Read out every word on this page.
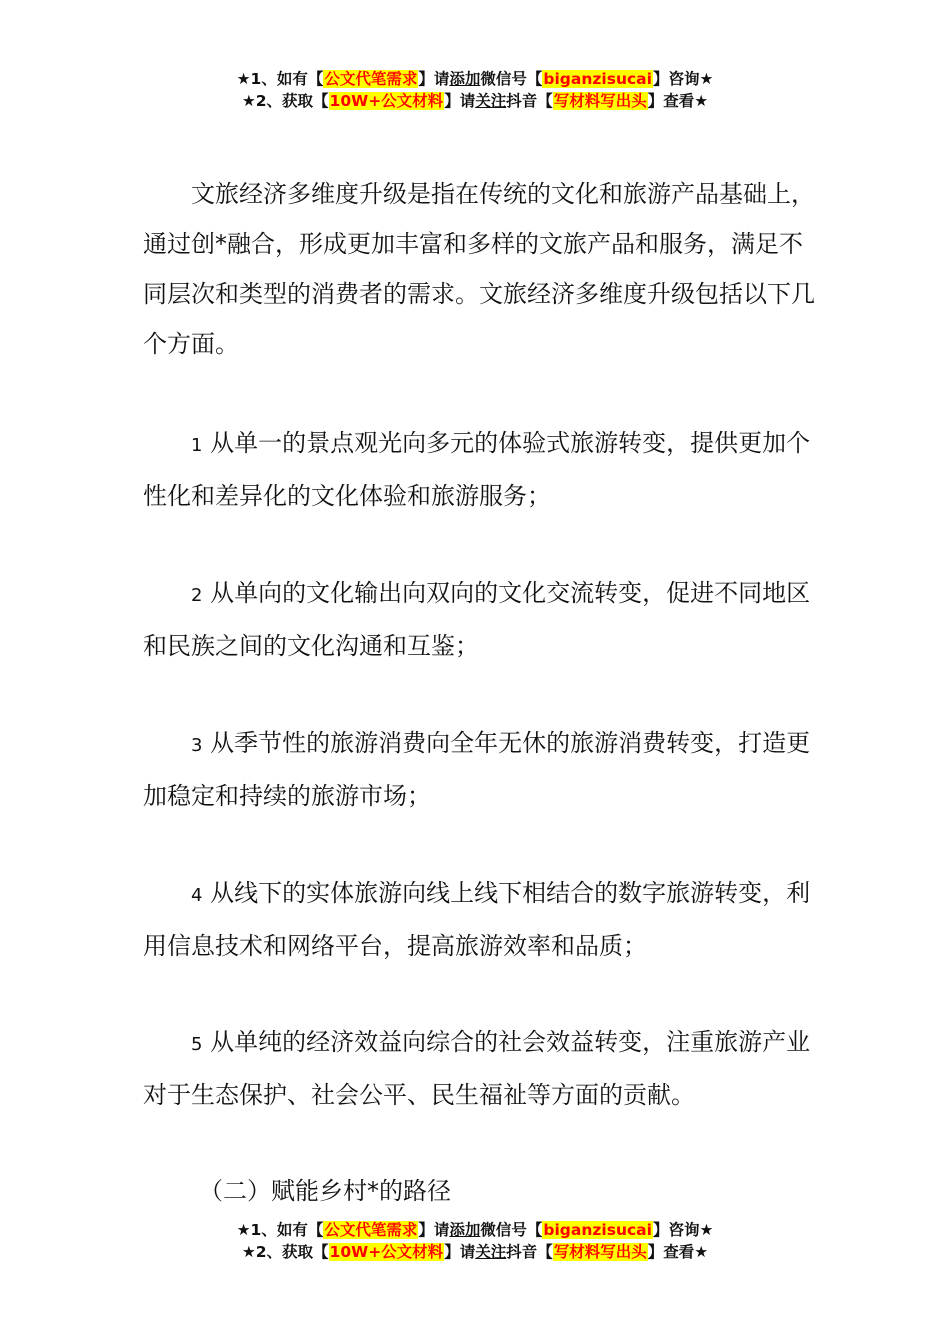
★1、如有【公文代笔需求】请添加微信号【biganzisucai】咨询★
★2、获取【10W+公文材料】请关注抖音【写材料写出头】查看★

文旅经济多维度升级是指在传统的文化和旅游产品基础上，通过创*融合，形成更加丰富和多样的文旅产品和服务，满足不同层次和类型的消费者的需求。文旅经济多维度升级包括以下几个方面。

1 从单一的景点观光向多元的体验式旅游转变，提供更加个性化和差异化的文化体验和旅游服务；

2 从单向的文化输出向双向的文化交流转变，促进不同地区和民族之间的文化沟通和互鉴；

3 从季节性的旅游消费向全年无休的旅游消费转变，打造更加稳定和持续的旅游市场；

4 从线下的实体旅游向线上线下相结合的数字旅游转变，利用信息技术和网络平台，提高旅游效率和品质；

5 从单纯的经济效益向综合的社会效益转变，注重旅游产业对于生态保护、社会公平、民生福祉等方面的贡献。

（二）赋能乡村*的路径

★1、如有【公文代笔需求】请添加微信号【biganzisucai】咨询★
★2、获取【10W+公文材料】请关注抖音【写材料写出头】查看★
